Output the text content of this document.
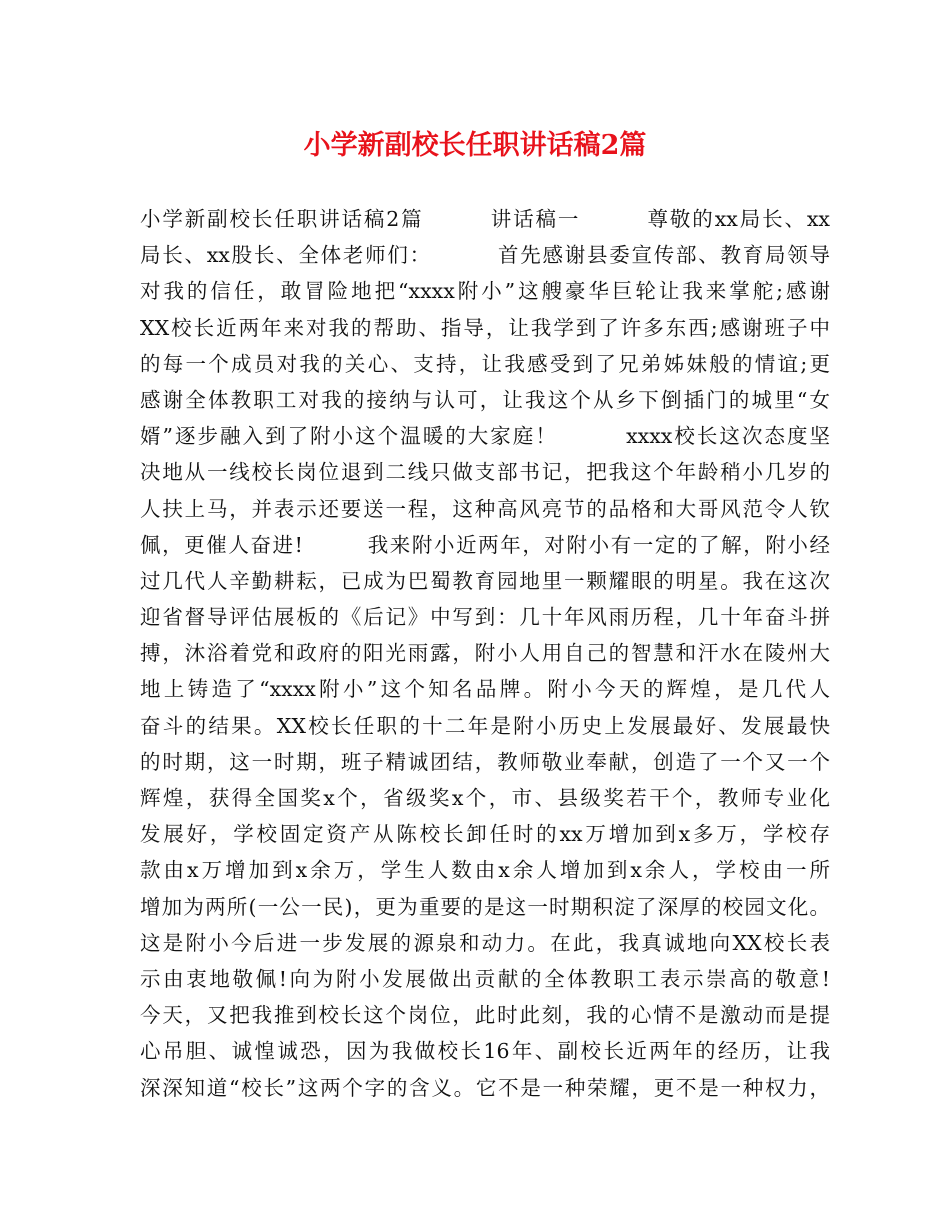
小学新副校长任职讲话稿2篇
小学新副校长任职讲话稿2篇        讲话稿一        尊敬的xx局长、xx
局长、xx股长、全体老师们：        首先感谢县委宣传部、教育局领导
对我的信任，敢冒险地把“xxxx附小”这艘豪华巨轮让我来掌舵;感谢
XX校长近两年来对我的帮助、指导，让我学到了许多东西;感谢班子中
的每一个成员对我的关心、支持，让我感受到了兄弟姊妹般的情谊;更
感谢全体教职工对我的接纳与认可，让我这个从乡下倒插门的城里“女
婿”逐步融入到了附小这个温暖的大家庭！        xxxx校长这次态度坚
决地从一线校长岗位退到二线只做支部书记，把我这个年龄稍小几岁的
人扶上马，并表示还要送一程，这种高风亮节的品格和大哥风范令人钦
佩，更催人奋进!        我来附小近两年，对附小有一定的了解，附小经
过几代人辛勤耕耘，已成为巴蜀教育园地里一颗耀眼的明星。我在这次
迎省督导评估展板的《后记》中写到：几十年风雨历程，几十年奋斗拼
搏，沐浴着党和政府的阳光雨露，附小人用自己的智慧和汗水在陵州大
地上铸造了“xxxx附小”这个知名品牌。附小今天的辉煌，是几代人
奋斗的结果。XX校长任职的十二年是附小历史上发展最好、发展最快
的时期，这一时期，班子精诚团结，教师敬业奉献，创造了一个又一个
辉煌，获得全国奖x个，省级奖x个，市、县级奖若干个，教师专业化
发展好，学校固定资产从陈校长卸任时的xx万增加到x多万，学校存
款由x万增加到x余万，学生人数由x余人增加到x余人，学校由一所
增加为两所(一公一民)，更为重要的是这一时期积淀了深厚的校园文化。
这是附小今后进一步发展的源泉和动力。在此，我真诚地向XX校长表
示由衷地敬佩!向为附小发展做出贡献的全体教职工表示崇高的敬意!
今天，又把我推到校长这个岗位，此时此刻，我的心情不是激动而是提
心吊胆、诚惶诚恐，因为我做校长16年、副校长近两年的经历，让我
深深知道“校长”这两个字的含义。它不是一种荣耀，更不是一种权力，
